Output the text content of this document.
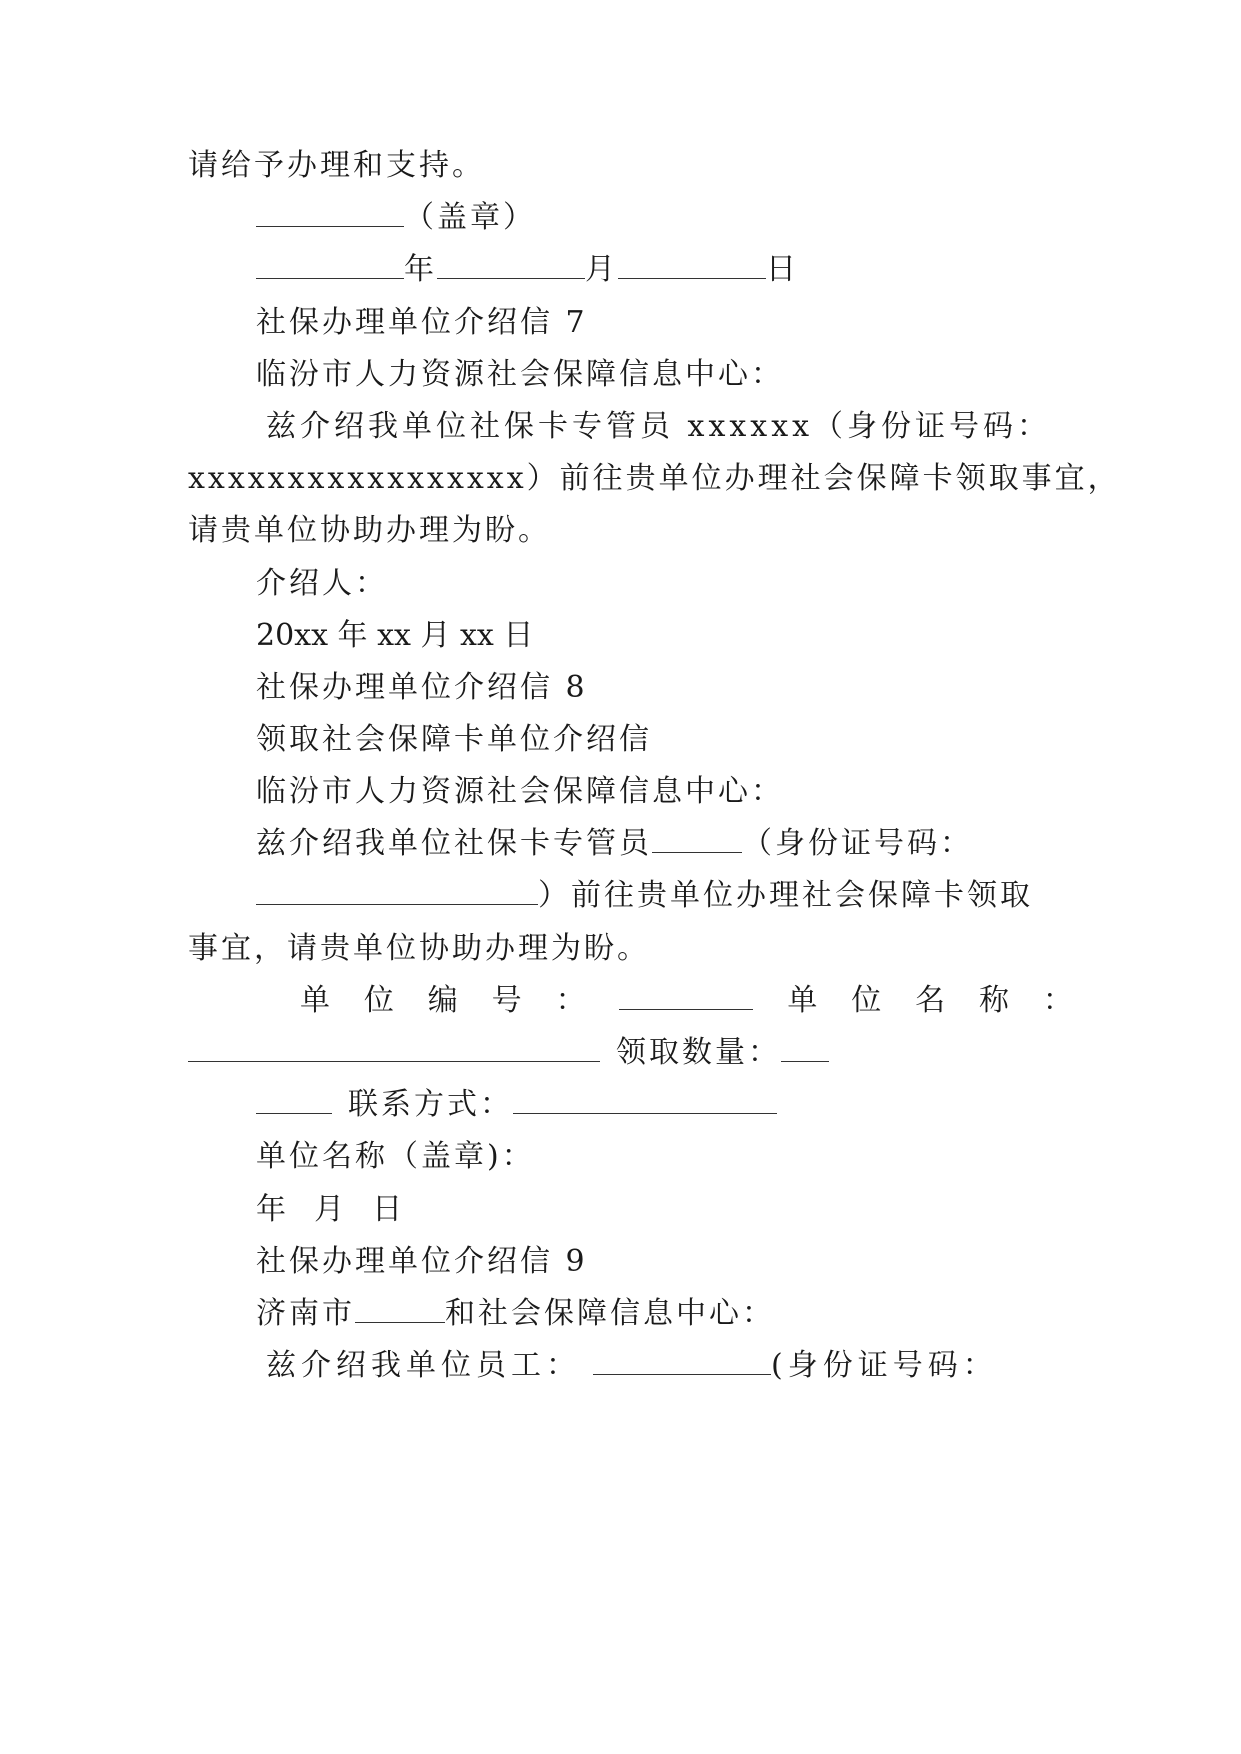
请给予办理和支持。
（盖章）
年	月	日
社保办理单位介绍信 7
临汾市人力资源社会保障信息中心：
兹介绍我单位社保卡专管员 xxxxxx（身份证号码：
xxxxxxxxxxxxxxxxx）前往贵单位办理社会保障卡领取事宜，
请贵单位协助办理为盼。
介绍人：
20xx 年 xx 月 xx 日
社保办理单位介绍信 8
领取社会保障卡单位介绍信
临汾市人力资源社会保障信息中心：
兹介绍我单位社保卡专管员	（身份证号码：
）前往贵单位办理社会保障卡领取
事宜，请贵单位协助办理为盼。
单 位 编 号 ：	单 位 名 称 ：
领取数量：
联系方式：
单位名称（盖章)：
年  月  日
社保办理单位介绍信 9
济南市	和社会保障信息中心：
兹介绍我单位员工：	(身份证号码：
